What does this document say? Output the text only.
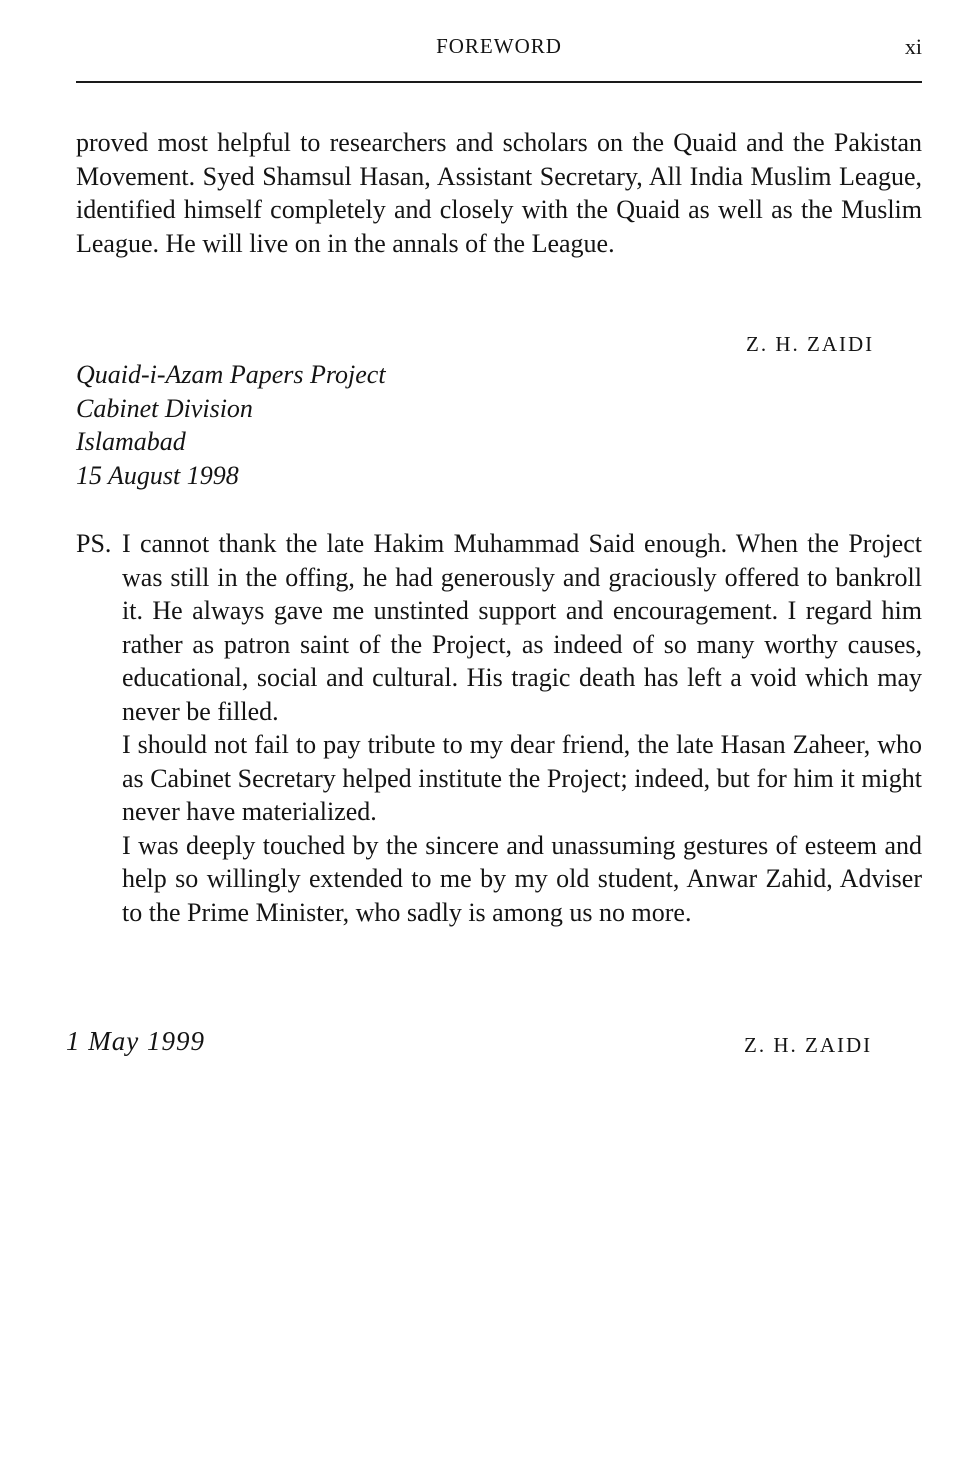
FOREWORD	xi

proved most helpful to researchers and scholars on the Quaid and the Pakistan Movement. Syed Shamsul Hasan, Assistant Secretary, All India Muslim League, identified himself completely and closely with the Quaid as well as the Muslim League. He will live on in the annals of the League.

Z. H. ZAIDI
Quaid-i-Azam Papers Project
Cabinet Division
Islamabad
15 August 1998
PS. I cannot thank the late Hakim Muhammad Said enough. When the Project was still in the offing, he had generously and graciously offered to bankroll it. He always gave me unstinted support and encouragement. I regard him rather as patron saint of the Project, as indeed of so many worthy causes, educational, social and cultural. His tragic death has left a void which may never be filled.

I should not fail to pay tribute to my dear friend, the late Hasan Zaheer, who as Cabinet Secretary helped institute the Project; indeed, but for him it might never have materialized.

I was deeply touched by the sincere and unassuming gestures of esteem and help so willingly extended to me by my old student, Anwar Zahid, Adviser to the Prime Minister, who sadly is among us no more.

1 May 1999	Z. H. ZAIDI
